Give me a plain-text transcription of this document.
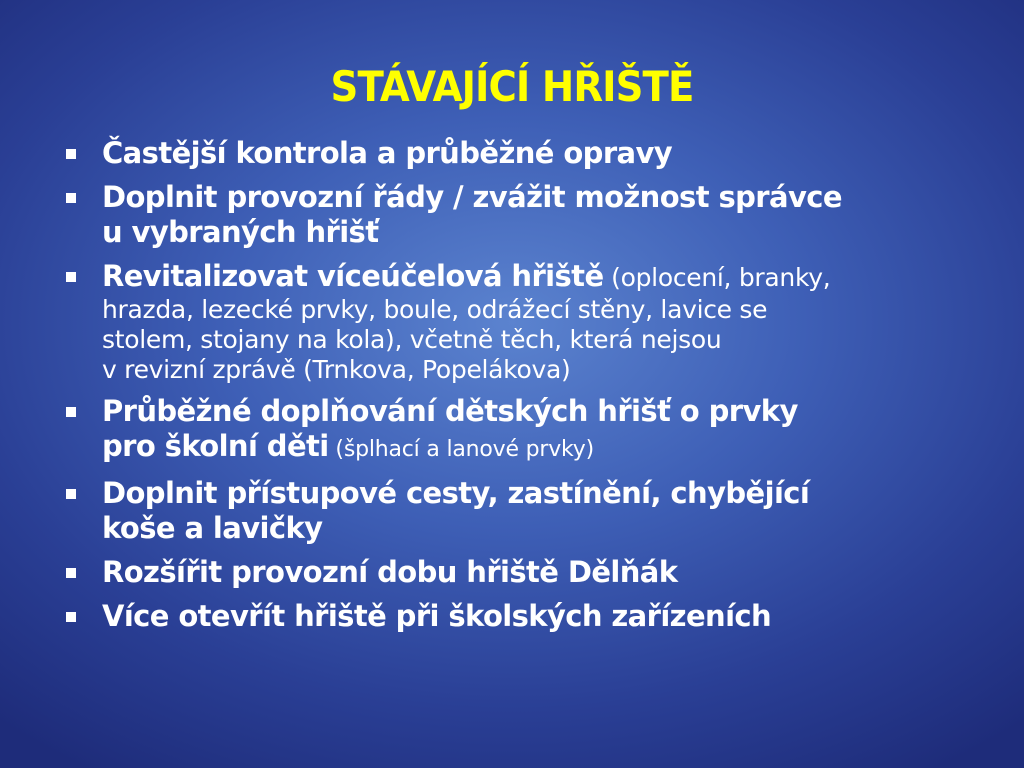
STÁVAJÍCÍ HŘIŠTĚ
Častější kontrola a průběžné opravy
Doplnit provozní řády / zvážit možnost správce
u vybraných hřišť
Revitalizovat víceúčelová hřiště (oplocení, branky,
hrazda, lezecké prvky, boule, odrážecí stěny, lavice se
stolem, stojany na kola), včetně těch, která nejsou
v revizní zprávě (Trnkova, Popelákova)
Průběžné doplňování dětských hřišť o prvky
pro školní děti (šplhací a lanové prvky)
Doplnit přístupové cesty, zastínění, chybějící
koše a lavičky
Rozšířit provozní dobu hřiště Dělňák
Více otevřít hřiště při školských zařízeních
